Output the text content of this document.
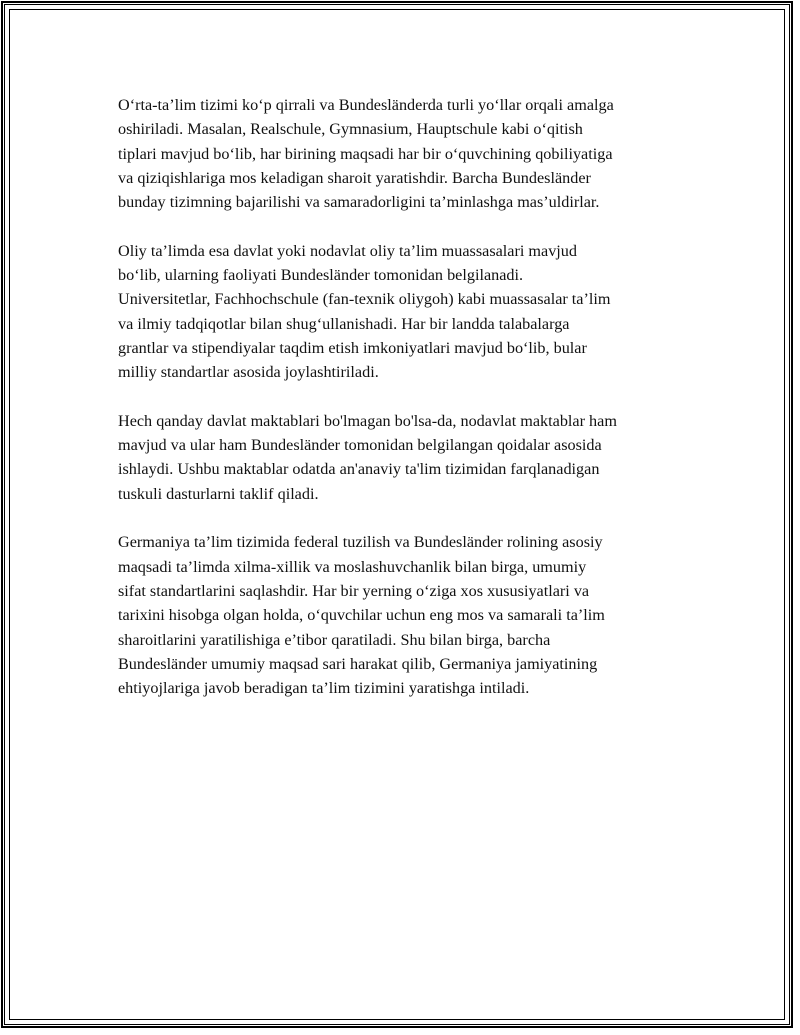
O‘rta-ta’lim tizimi ko‘p qirrali va Bundesländerda turli yo‘llar orqali amalga
oshiriladi. Masalan, Realschule, Gymnasium, Hauptschule kabi o‘qitish
tiplari mavjud bo‘lib, har birining maqsadi har bir o‘quvchining qobiliyatiga
va qiziqishlariga mos keladigan sharoit yaratishdir. Barcha Bundesländer
bunday tizimning bajarilishi va samaradorligini ta’minlashga mas’uldirlar.

Oliy ta’limda esa davlat yoki nodavlat oliy ta’lim muassasalari mavjud
bo‘lib, ularning faoliyati Bundesländer tomonidan belgilanadi.
Universitetlar, Fachhochschule (fan-texnik oliygoh) kabi muassasalar ta’lim
va ilmiy tadqiqotlar bilan shug‘ullanishadi. Har bir landda talabalarga
grantlar va stipendiyalar taqdim etish imkoniyatlari mavjud bo‘lib, bular
milliy standartlar asosida joylashtiriladi.

Hech qanday davlat maktablari bo'lmagan bo'lsa-da, nodavlat maktablar ham
mavjud va ular ham Bundesländer tomonidan belgilangan qoidalar asosida
ishlaydi. Ushbu maktablar odatda an'anaviy ta'lim tizimidan farqlanadigan
tuskuli dasturlarni taklif qiladi.

Germaniya ta’lim tizimida federal tuzilish va Bundesländer rolining asosiy
maqsadi ta’limda xilma-xillik va moslashuvchanlik bilan birga, umumiy
sifat standartlarini saqlashdir. Har bir yerning o‘ziga xos xususiyatlari va
tarixini hisobga olgan holda, o‘quvchilar uchun eng mos va samarali ta’lim
sharoitlarini yaratilishiga e’tibor qaratiladi. Shu bilan birga, barcha
Bundesländer umumiy maqsad sari harakat qilib, Germaniya jamiyatining
ehtiyojlariga javob beradigan ta’lim tizimini yaratishga intiladi.
